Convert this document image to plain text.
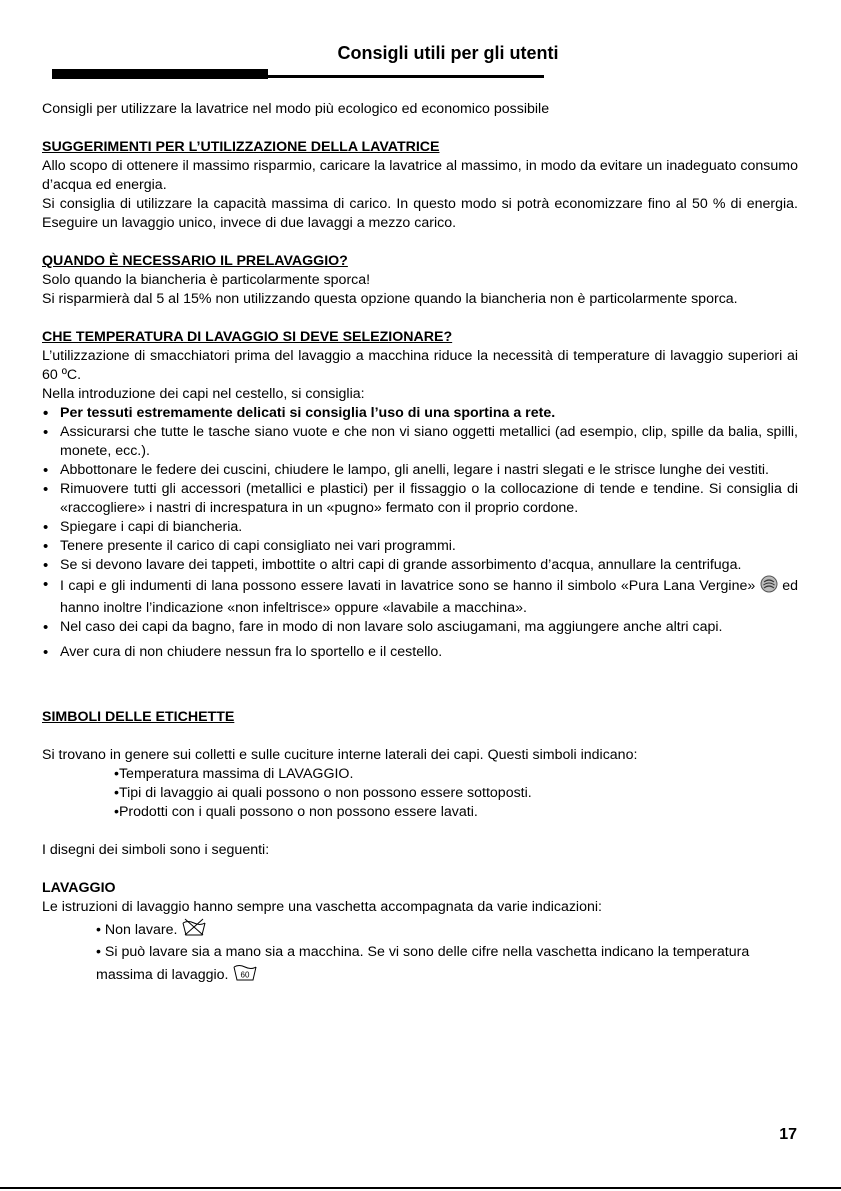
Consigli utili per gli utenti

Consigli per utilizzare la lavatrice nel modo più ecologico ed economico possibile

SUGGERIMENTI PER L’UTILIZZAZIONE DELLA LAVATRICE

Allo scopo di ottenere il massimo risparmio, caricare la lavatrice al massimo, in modo da evitare un inadeguato consumo d’acqua ed energia.

Si consiglia di utilizzare la capacità massima di carico. In questo modo si potrà economizzare fino al 50 % di energia. Eseguire un lavaggio unico, invece di due lavaggi a mezzo carico.

QUANDO È NECESSARIO IL PRELAVAGGIO?

Solo quando la biancheria è particolarmente sporca!

Si risparmierà dal 5 al 15% non utilizzando questa opzione quando la biancheria non è particolarmente sporca.

CHE TEMPERATURA DI LAVAGGIO SI DEVE SELEZIONARE?

L’utilizzazione di smacchiatori prima del lavaggio a macchina riduce la necessità di temperature di lavaggio superiori ai 60 ºC.

Nella introduzione dei capi nel cestello, si consiglia:

• Per tessuti estremamente delicati si consiglia l’uso di una sportina a rete.
• Assicurarsi che tutte le tasche siano vuote e che non vi siano oggetti metallici (ad esempio, clip, spille da balia, spilli, monete, ecc.).
• Abbottonare le federe dei cuscini, chiudere le lampo, gli anelli, legare i nastri slegati e le strisce lunghe dei vestiti.
• Rimuovere tutti gli accessori (metallici e plastici) per il fissaggio o la collocazione di tende e tendine. Si consiglia di «raccogliere» i nastri di increspatura in un «pugno» fermato con il proprio cordone.
• Spiegare i capi di biancheria.
• Tenere presente il carico di capi consigliato nei vari programmi.
• Se si devono lavare dei tappeti, imbottite o altri capi di grande assorbimento d’acqua, annullare la centrifuga.
• I capi e gli indumenti di lana possono essere lavati in lavatrice sono se hanno il simbolo «Pura Lana Vergine» ed hanno inoltre l’indicazione «non infeltrisce» oppure «lavabile a macchina».
• Nel caso dei capi da bagno, fare in modo di non lavare solo asciugamani, ma aggiungere anche altri capi.
• Aver cura di non chiudere nessun fra lo sportello e il cestello.

SIMBOLI DELLE ETICHETTE

Si trovano in genere sui colletti e sulle cuciture interne laterali dei capi. Questi simboli indicano:

• Temperatura massima di LAVAGGIO.
• Tipi di lavaggio ai quali possono o non possono essere sottoposti.
• Prodotti con i quali possono o non possono essere lavati.

I disegni dei simboli sono i seguenti:

LAVAGGIO

Le istruzioni di lavaggio hanno sempre una vaschetta accompagnata da varie indicazioni:

• Non lavare.
• Si può lavare sia a mano sia a macchina. Se vi sono delle cifre nella vaschetta indicano la temperatura massima di lavaggio. 60
17
